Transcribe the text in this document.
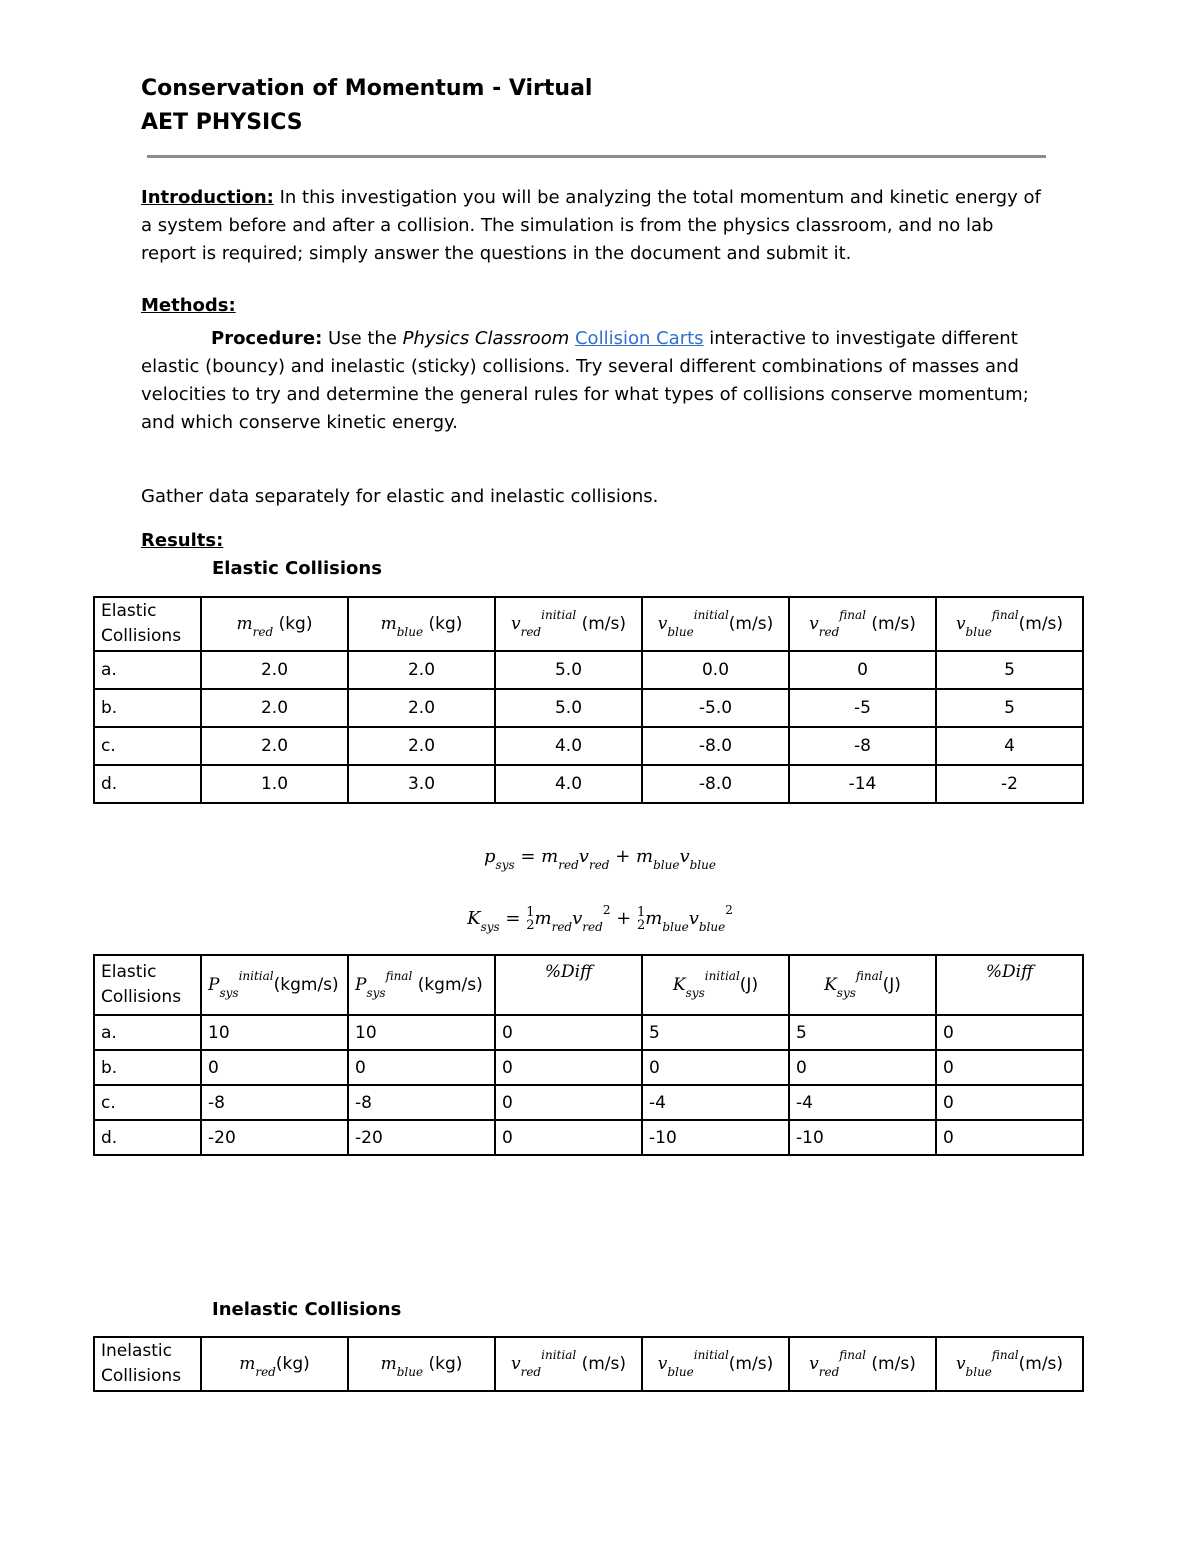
Conservation of Momentum - Virtual
AET PHYSICS
Introduction: In this investigation you will be analyzing the total momentum and kinetic energy of a system before and after a collision. The simulation is from the physics classroom, and no lab report is required; simply answer the questions in the document and submit it.
Methods:
Procedure: Use the Physics Classroom Collision Carts interactive to investigate different elastic (bouncy) and inelastic (sticky) collisions. Try several different combinations of masses and velocities to try and determine the general rules for what types of collisions conserve momentum; and which conserve kinetic energy.
Gather data separately for elastic and inelastic collisions.
Results:
Elastic Collisions
Elastic
Collisions	$m_{red}$ (kg)	$m_{blue}$ (kg)	$v_{red}^{initial}$ (m/s)	$v_{blue}^{initial}(m/s)$	$v_{red}^{final}$ (m/s)	$v_{blue}^{final}(m/s)$
a.	2.0	2.0	5.0	0.0	0	5
b.	2.0	2.0	5.0	-5.0	-5	5
c.	2.0	2.0	4.0	-8.0	-8	4
d.	1.0	3.0	4.0	-8.0	-14	-2
$p_{sys} = m_{red}v_{red} + m_{blue}v_{blue}$
$K_{sys} = 1$
$2m_{red}v_{red}^2 + 1$
$2m_{blue}v_{blue}^2$
Elastic
Collisions	$P_{sys}^{initial}(kgm/s)$	$P_{sys}^{final}$ (kgm/s)	%Diff	$K_{sys}^{initial}(J)$	$K_{sys}^{final}(J)$	%Diff
a.	10	10	0	5	5	0
b.	0	0	0	0	0	0
c.	-8	-8	0	-4	-4	0
d.	-20	-20	0	-10	-10	0
Inelastic Collisions
Inelastic
Collisions	$m_{red}(kg)$	$m_{blue}$ (kg)	$v_{red}^{initial}$ (m/s)	$v_{blue}^{initial}(m/s)$	$v_{red}^{final}$ (m/s)	$v_{blue}^{final}(m/s)$
